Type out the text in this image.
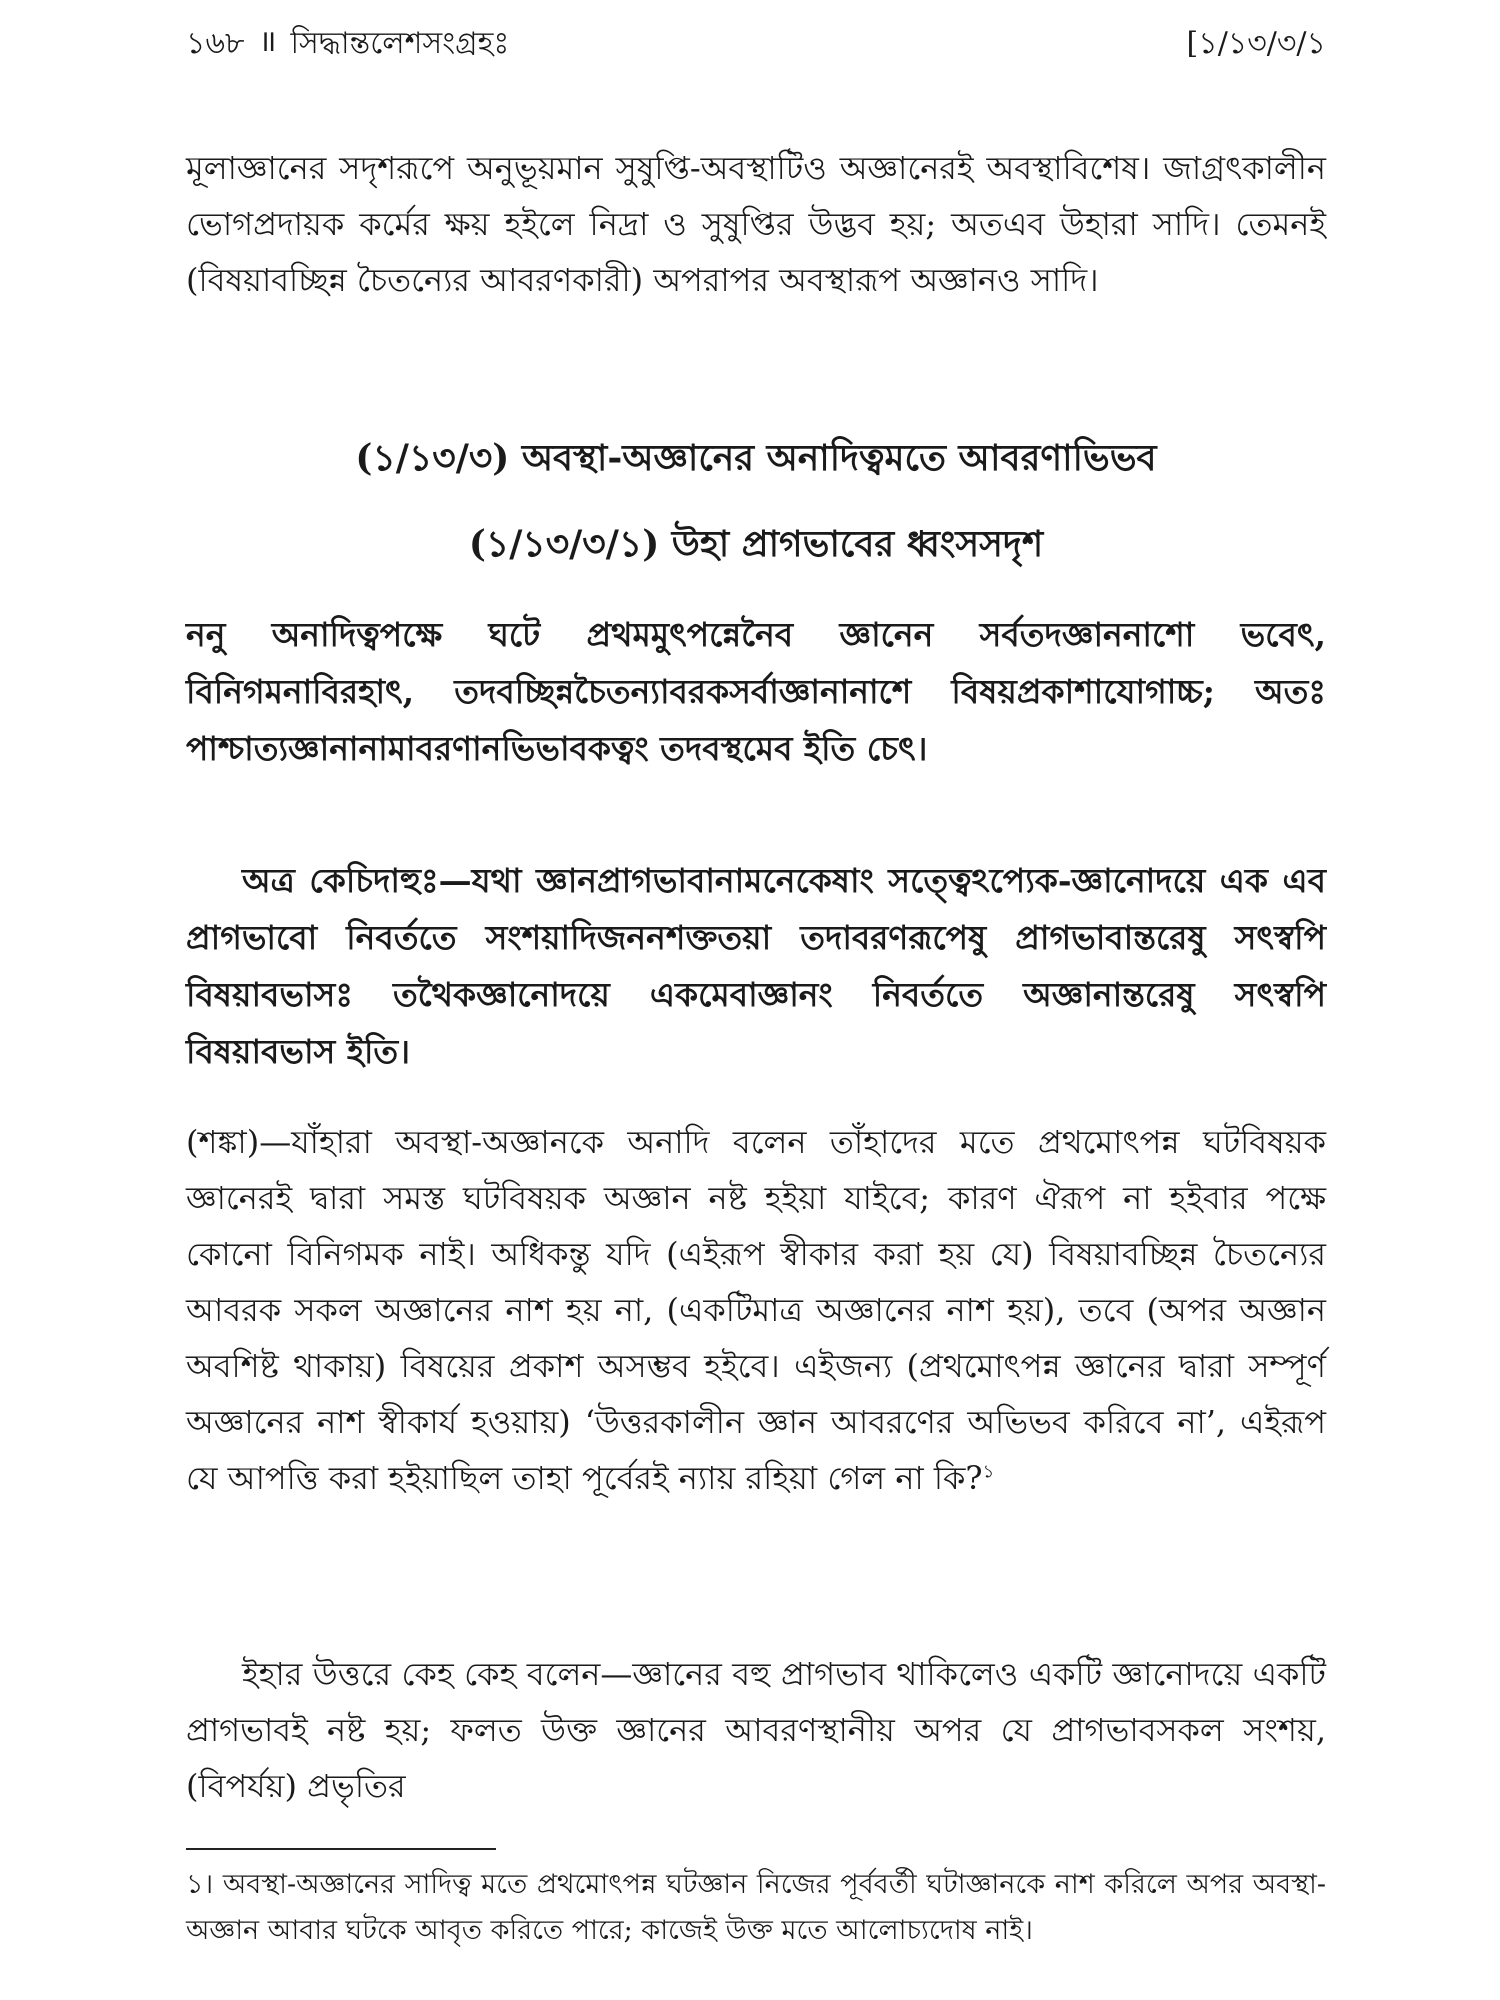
১৬৮ ॥ সিদ্ধান্তলেশসংগ্রহঃ	[১/১৩/৩/১

মূলাজ্ঞানের সদৃশরূপে অনুভূয়মান সুষুপ্তি-অবস্থাটিও অজ্ঞানেরই অবস্থাবিশেষ। জাগ্রৎকালীন ভোগপ্রদায়ক কর্মের ক্ষয় হইলে নিদ্রা ও সুষুপ্তির উদ্ভব হয়; অতএব উহারা সাদি। তেমনই (বিষয়াবচ্ছিন্ন চৈতন্যের আবরণকারী) অপরাপর অবস্থারূপ অজ্ঞানও সাদি।

(১/১৩/৩) অবস্থা-অজ্ঞানের অনাদিত্বমতে আবরণাভিভব
(১/১৩/৩/১) উহা প্রাগভাবের ধ্বংসসদৃশ

ননু অনাদিত্বপক্ষে ঘটে প্রথমমুৎপন্নেনৈব জ্ঞানেন সর্বতদজ্ঞাননাশো ভবেৎ, বিনিগমনাবিরহাৎ, তদবচ্ছিন্নচৈতন্যাবরকসর্বাজ্ঞানানাশে বিষয়প্রকাশাযোগাচ্চ; অতঃ পাশ্চাত্যজ্ঞানানামাবরণানভিভাবকত্বং তদবস্থমেব ইতি চেৎ।

অত্র কেচিদাহুঃ—যথা জ্ঞানপ্রাগভাবানামনেকেষাং সত্ত্বেঽপ্যেক-জ্ঞানোদয়ে এক এব প্রাগভাবো নিবর্ততে সংশয়াদিজননশক্ততয়া তদাবরণরূপেষু প্রাগভাবান্তরেষু সৎস্বপি বিষয়াবভাসঃ তথৈকজ্ঞানোদয়ে একমেবাজ্ঞানং নিবর্ততে অজ্ঞানান্তরেষু সৎস্বপি বিষয়াবভাস ইতি।

(শঙ্কা)—যাঁহারা অবস্থা-অজ্ঞানকে অনাদি বলেন তাঁহাদের মতে প্রথমোৎপন্ন ঘটবিষয়ক জ্ঞানেরই দ্বারা সমস্ত ঘটবিষয়ক অজ্ঞান নষ্ট হইয়া যাইবে; কারণ ঐরূপ না হইবার পক্ষে কোনো বিনিগমক নাই। অধিকন্তু যদি (এইরূপ স্বীকার করা হয় যে) বিষয়াবচ্ছিন্ন চৈতন্যের আবরক সকল অজ্ঞানের নাশ হয় না, (একটিমাত্র অজ্ঞানের নাশ হয়), তবে (অপর অজ্ঞান অবশিষ্ট থাকায়) বিষয়ের প্রকাশ অসম্ভব হইবে। এইজন্য (প্রথমোৎপন্ন জ্ঞানের দ্বারা সম্পূর্ণ অজ্ঞানের নাশ স্বীকার্য হওয়ায়) ‘উত্তরকালীন জ্ঞান আবরণের অভিভব করিবে না’, এইরূপ যে আপত্তি করা হইয়াছিল তাহা পূর্বেরই ন্যায় রহিয়া গেল না কি?$^১$

ইহার উত্তরে কেহ কেহ বলেন—জ্ঞানের বহু প্রাগভাব থাকিলেও একটি জ্ঞানোদয়ে একটি প্রাগভাবই নষ্ট হয়; ফলত উক্ত জ্ঞানের আবরণস্থানীয় অপর যে প্রাগভাবসকল সংশয়, (বিপর্যয়) প্রভৃতির

১। অবস্থা-অজ্ঞানের সাদিত্ব মতে প্রথমোৎপন্ন ঘটজ্ঞান নিজের পূর্ববর্তী ঘটাজ্ঞানকে নাশ করিলে অপর অবস্থা-অজ্ঞান আবার ঘটকে আবৃত করিতে পারে; কাজেই উক্ত মতে আলোচ্যদোষ নাই।
